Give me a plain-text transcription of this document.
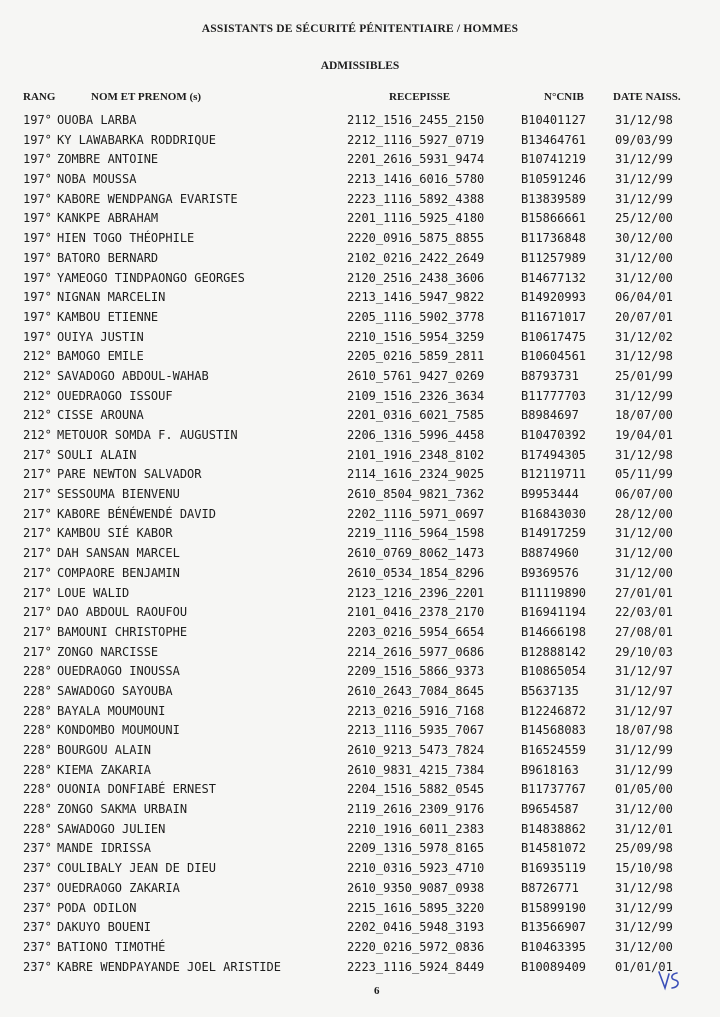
ASSISTANTS DE SÉCURITÉ PÉNITENTIAIRE / HOMMES
ADMISSIBLES
RANG	NOM ET PRENOM (s)	RECEPISSE	N°CNIB	DATE NAISS.
197° OUOBA LARBA	2112_1516_2455_2150	B10401127 31/12/98
197° KY LAWABARKA RODDRIQUE	2212_1116_5927_0719	B13464761 09/03/99
197° ZOMBRE ANTOINE	2201_2616_5931_9474	B10741219 31/12/99
197° NOBA MOUSSA	2213_1416_6016_5780	B10591246 31/12/99
197° KABORE WENDPANGA EVARISTE	2223_1116_5892_4388	B13839589 31/12/99
197° KANKPE ABRAHAM	2201_1116_5925_4180	B15866661 25/12/00
197° HIEN TOGO THÉOPHILE	2220_0916_5875_8855	B11736848 30/12/00
197° BATORO BERNARD	2102_0216_2422_2649	B11257989 31/12/00
197° YAMEOGO TINDPAONGO GEORGES	2120_2516_2438_3606	B14677132 31/12/00
197° NIGNAN MARCELIN	2213_1416_5947_9822	B14920993 06/04/01
197° KAMBOU ETIENNE	2205_1116_5902_3778	B11671017 20/07/01
197° OUIYA JUSTIN	2210_1516_5954_3259	B10617475 31/12/02
212° BAMOGO EMILE	2205_0216_5859_2811	B10604561 31/12/98
212° SAVADOGO ABDOUL-WAHAB	2610_5761_9427_0269	B8793731	25/01/99
212° OUEDRAOGO ISSOUF	2109_1516_2326_3634	B11777703 31/12/99
212° CISSE AROUNA	2201_0316_6021_7585	B8984697	18/07/00
212° METOUOR SOMDA F. AUGUSTIN	2206_1316_5996_4458	B10470392 19/04/01
217° SOULI ALAIN	2101_1916_2348_8102	B17494305 31/12/98
217° PARE NEWTON SALVADOR	2114_1616_2324_9025	B12119711 05/11/99
217° SESSOUMA BIENVENU	2610_8504_9821_7362	B9953444	06/07/00
217° KABORE BÉNÉWENDÉ DAVID	2202_1116_5971_0697	B16843030 28/12/00
217° KAMBOU SIÉ KABOR	2219_1116_5964_1598	B14917259 31/12/00
217° DAH SANSAN MARCEL	2610_0769_8062_1473	B8874960	31/12/00
217° COMPAORE BENJAMIN	2610_0534_1854_8296	B9369576	31/12/00
217° LOUE WALID	2123_1216_2396_2201	B11119890 27/01/01
217° DAO ABDOUL RAOUFOU	2101_0416_2378_2170	B16941194 22/03/01
217° BAMOUNI CHRISTOPHE	2203_0216_5954_6654	B14666198 27/08/01
217° ZONGO NARCISSE	2214_2616_5977_0686	B12888142 29/10/03
228° OUEDRAOGO INOUSSA	2209_1516_5866_9373	B10865054 31/12/97
228° SAWADOGO SAYOUBA	2610_2643_7084_8645	B5637135	31/12/97
228° BAYALA MOUMOUNI	2213_0216_5916_7168	B12246872 31/12/97
228° KONDOMBO MOUMOUNI	2213_1116_5935_7067	B14568083 18/07/98
228° BOURGOU ALAIN	2610_9213_5473_7824	B16524559 31/12/99
228° KIEMA ZAKARIA	2610_9831_4215_7384	B9618163	31/12/99
228° OUONIA DONFIABÉ ERNEST	2204_1516_5882_0545	B11737767 01/05/00
228° ZONGO SAKMA URBAIN	2119_2616_2309_9176	B9654587	31/12/00
228° SAWADOGO JULIEN	2210_1916_6011_2383	B14838862 31/12/01
237° MANDE IDRISSA	2209_1316_5978_8165	B14581072 25/09/98
237° COULIBALY JEAN DE DIEU	2210_0316_5923_4710	B16935119 15/10/98
237° OUEDRAOGO ZAKARIA	2610_9350_9087_0938	B8726771	31/12/98
237° PODA ODILON	2215_1616_5895_3220	B15899190 31/12/99
237° DAKUYO BOUENI	2202_0416_5948_3193	B13566907 31/12/99
237° BATIONO TIMOTHÉ	2220_0216_5972_0836	B10463395 31/12/00
237° KABRE WENDPAYANDE JOEL ARISTIDE	2223_1116_5924_8449	B10089409 01/01/01
6
